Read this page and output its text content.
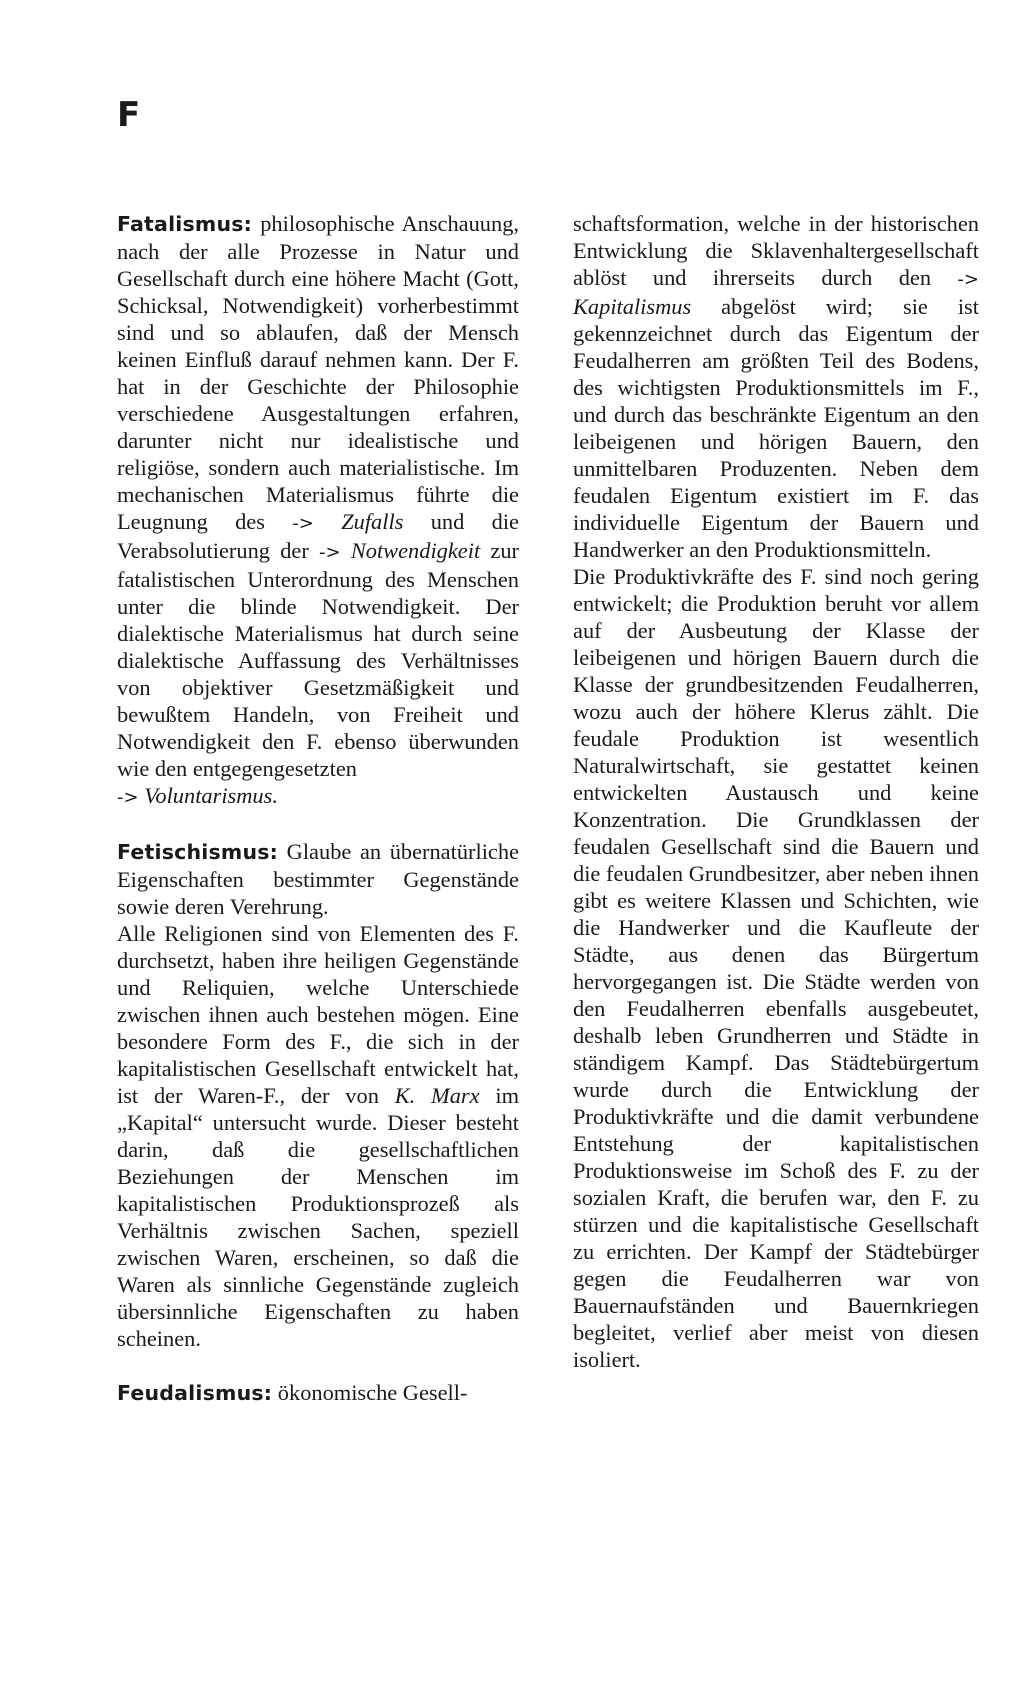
F

Fatalismus: philosophische Anschauung, nach der alle Prozesse in Natur und Gesellschaft durch eine höhere Macht (Gott, Schicksal, Notwendigkeit) vorherbestimmt sind und so ablaufen, daß der Mensch keinen Einfluß darauf nehmen kann. Der F. hat in der Geschichte der Philosophie verschiedene Ausgestaltungen erfahren, darunter nicht nur idealistische und religiöse, sondern auch materialistische. Im mechanischen Materialismus führte die Leugnung des -> Zufalls und die Verabsolutierung der -> Notwendigkeit zur fatalistischen Unterordnung des Menschen unter die blinde Notwendigkeit. Der dialektische Materialismus hat durch seine dialektische Auffassung des Verhältnisses von objektiver Gesetzmäßigkeit und bewußtem Handeln, von Freiheit und Notwendigkeit den F. ebenso überwunden wie den entgegengesetzten
-> Voluntarismus.

Fetischismus: Glaube an übernatürliche Eigenschaften bestimmter Gegenstände sowie deren Verehrung.

Alle Religionen sind von Elementen des F. durchsetzt, haben ihre heiligen Gegenstände und Reliquien, welche Unterschiede zwischen ihnen auch bestehen mögen. Eine besondere Form des F., die sich in der kapitalistischen Gesellschaft entwickelt hat, ist der Waren-F., der von K. Marx im „Kapital“ untersucht wurde. Dieser besteht darin, daß die gesellschaftlichen Beziehungen der Menschen im kapitalistischen Produktionsprozeß als Verhältnis zwischen Sachen, speziell zwischen Waren, erscheinen, so daß die Waren als sinnliche Gegenstände zugleich übersinnliche Eigenschaften zu haben scheinen.

Feudalismus: ökonomische Gesell-

schaftsformation, welche in der historischen Entwicklung die Sklavenhaltergesellschaft ablöst und ihrerseits durch den -> Kapitalismus abgelöst wird; sie ist gekennzeichnet durch das Eigentum der Feudalherren am größten Teil des Bodens, des wichtigsten Produktionsmittels im F., und durch das beschränkte Eigentum an den leibeigenen und hörigen Bauern, den unmittelbaren Produzenten. Neben dem feudalen Eigentum existiert im F. das individuelle Eigentum der Bauern und Handwerker an den Produktionsmitteln.

Die Produktivkräfte des F. sind noch gering entwickelt; die Produktion beruht vor allem auf der Ausbeutung der Klasse der leibeigenen und hörigen Bauern durch die Klasse der grundbesitzenden Feudalherren, wozu auch der höhere Klerus zählt. Die feudale Produktion ist wesentlich Naturalwirtschaft, sie gestattet keinen entwickelten Austausch und keine Konzentration. Die Grundklassen der feudalen Gesellschaft sind die Bauern und die feudalen Grundbesitzer, aber neben ihnen gibt es weitere Klassen und Schichten, wie die Handwerker und die Kaufleute der Städte, aus denen das Bürgertum hervorgegangen ist. Die Städte werden von den Feudalherren ebenfalls ausgebeutet, deshalb leben Grundherren und Städte in ständigem Kampf. Das Städtebürgertum wurde durch die Entwicklung der Produktivkräfte und die damit verbundene Entstehung der kapitalistischen Produktionsweise im Schoß des F. zu der sozialen Kraft, die berufen war, den F. zu stürzen und die kapitalistische Gesellschaft zu errichten. Der Kampf der Städtebürger gegen die Feudalherren war von Bauernaufständen und Bauernkriegen begleitet, verlief aber meist von diesen isoliert.
